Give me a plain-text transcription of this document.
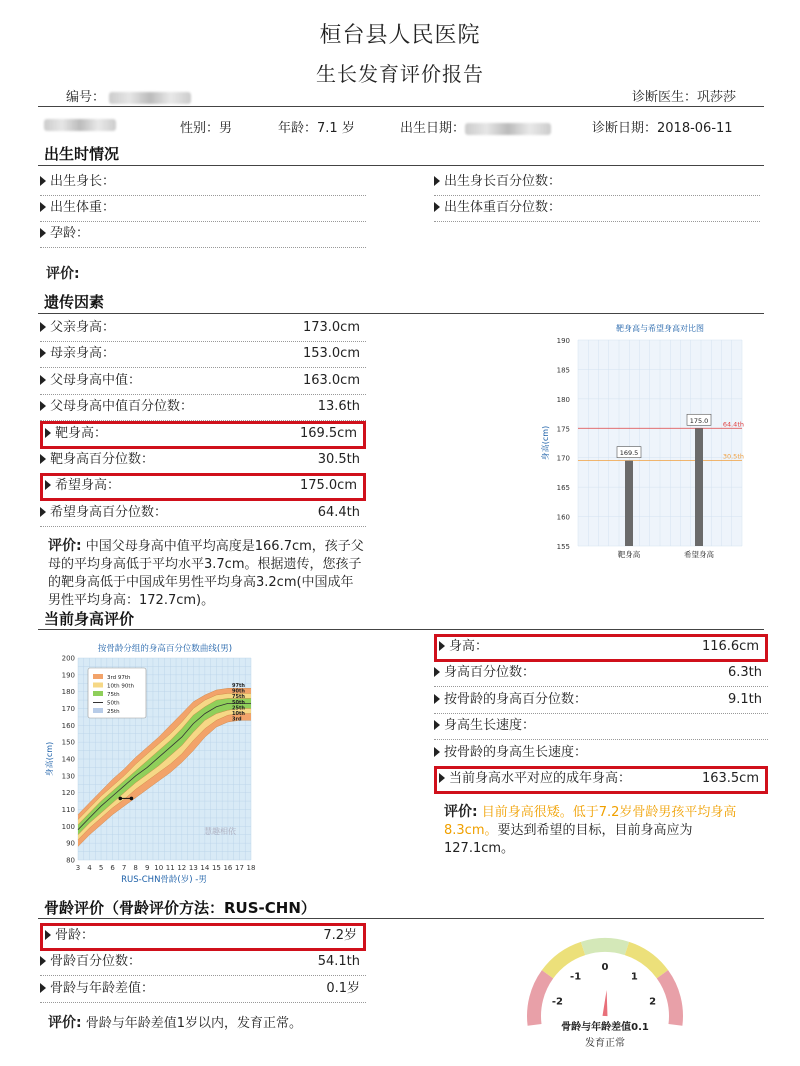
桓台县人民医院
生长发育评价报告
编号：	诊断医生：巩莎莎
性别：男	年龄：7.1 岁	出生日期：	诊断日期：2018-06-11
出生时情况
出生身长：	出生身长百分位数：
出生体重：	出生体重百分位数：
孕龄：
评价:
遗传因素
父亲身高：	173.0cm
母亲身高：	153.0cm
父母身高中值：	163.0cm
父母身高中值百分位数：	13.6th
靶身高：	169.5cm
靶身高百分位数：	30.5th
希望身高：	175.0cm
希望身高百分位数：	64.4th
评价: 中国父母身高中值平均高度是166.7cm，孩子父母的平均身高低于平均水平3.7cm。根据遗传，您孩子的靶身高低于中国成年男性平均身高3.2cm(中国成年男性平均身高：172.7cm)。
靶身高与希望身高对比图
155
160
165
170
175
180
185
190
身高(cm)
64.4th
30.5th
169.5
175.0
靶身高	希望身高
当前身高评价
按骨龄分组的身高百分位数曲线(男)
80
90
100
110
120
130
140
150
160
170
180
190
200
3 4 5 6 7 8 9 10 11 12 13 14 15 16 17 18
97th
90th
75th
50th
25th
10th
3rd
3rd 97th
10th 90th
75th
50th
25th
慧趣相依
RUS-CHN骨龄(岁) -男
身高(cm)
身高：	116.6cm
身高百分位数：	6.3th
按骨龄的身高百分位数：	9.1th
身高生长速度：
按骨龄的身高生长速度：
当前身高水平对应的成年身高：	163.5cm
评价: 目前身高很矮。低于7.2岁骨龄男孩平均身高8.3cm。要达到希望的目标，目前身高应为127.1cm。
骨龄评价（骨龄评价方法：RUS-CHN）
骨龄：	7.2岁
骨龄百分位数：	54.1th
骨龄与年龄差值：	0.1岁
评价: 骨龄与年龄差值1岁以内，发育正常。
-2
-1
0
1
2
骨龄与年龄差值0.1
发育正常
